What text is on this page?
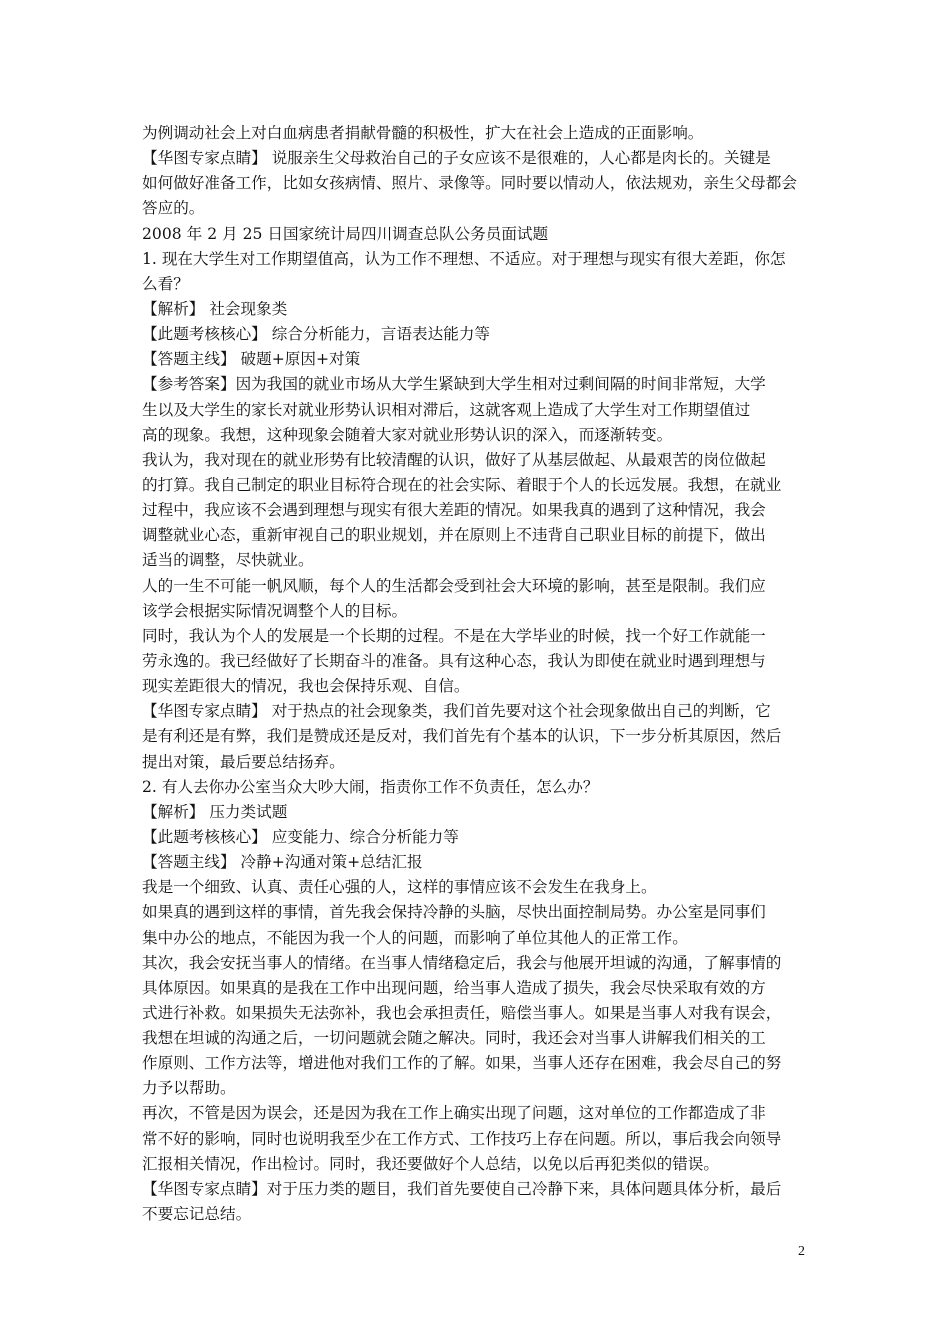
为例调动社会上对白血病患者捐献骨髓的积极性，扩大在社会上造成的正面影响。
【华图专家点睛】 说服亲生父母救治自己的子女应该不是很难的，人心都是肉长的。关键是
如何做好准备工作，比如女孩病情、照片、录像等。同时要以情动人，依法规劝，亲生父母都会
答应的。
2008 年 2 月 25 日国家统计局四川调查总队公务员面试题
1. 现在大学生对工作期望值高，认为工作不理想、不适应。对于理想与现实有很大差距，你怎
么看？
【解析】 社会现象类
【此题考核核心】 综合分析能力，言语表达能力等
【答题主线】 破题+原因+对策
【参考答案】因为我国的就业市场从大学生紧缺到大学生相对过剩间隔的时间非常短，大学
生以及大学生的家长对就业形势认识相对滞后，这就客观上造成了大学生对工作期望值过
高的现象。我想，这种现象会随着大家对就业形势认识的深入，而逐渐转变。
我认为，我对现在的就业形势有比较清醒的认识，做好了从基层做起、从最艰苦的岗位做起
的打算。我自己制定的职业目标符合现在的社会实际、着眼于个人的长远发展。我想，在就业
过程中，我应该不会遇到理想与现实有很大差距的情况。如果我真的遇到了这种情况，我会
调整就业心态，重新审视自己的职业规划，并在原则上不违背自己职业目标的前提下，做出
适当的调整，尽快就业。
人的一生不可能一帆风顺，每个人的生活都会受到社会大环境的影响，甚至是限制。我们应
该学会根据实际情况调整个人的目标。
同时，我认为个人的发展是一个长期的过程。不是在大学毕业的时候，找一个好工作就能一
劳永逸的。我已经做好了长期奋斗的准备。具有这种心态，我认为即使在就业时遇到理想与
现实差距很大的情况，我也会保持乐观、自信。
【华图专家点睛】 对于热点的社会现象类，我们首先要对这个社会现象做出自己的判断，它
是有利还是有弊，我们是赞成还是反对，我们首先有个基本的认识，下一步分析其原因，然后
提出对策，最后要总结扬弃。
2. 有人去你办公室当众大吵大闹，指责你工作不负责任，怎么办？
【解析】 压力类试题
【此题考核核心】 应变能力、综合分析能力等
【答题主线】 冷静+沟通对策+总结汇报
我是一个细致、认真、责任心强的人，这样的事情应该不会发生在我身上。
如果真的遇到这样的事情，首先我会保持冷静的头脑，尽快出面控制局势。办公室是同事们
集中办公的地点，不能因为我一个人的问题，而影响了单位其他人的正常工作。
其次，我会安抚当事人的情绪。在当事人情绪稳定后，我会与他展开坦诚的沟通，了解事情的
具体原因。如果真的是我在工作中出现问题，给当事人造成了损失，我会尽快采取有效的方
式进行补救。如果损失无法弥补，我也会承担责任，赔偿当事人。如果是当事人对我有误会，
我想在坦诚的沟通之后，一切问题就会随之解决。同时，我还会对当事人讲解我们相关的工
作原则、工作方法等，增进他对我们工作的了解。如果，当事人还存在困难，我会尽自己的努
力予以帮助。
再次，不管是因为误会，还是因为我在工作上确实出现了问题，这对单位的工作都造成了非
常不好的影响，同时也说明我至少在工作方式、工作技巧上存在问题。所以，事后我会向领导
汇报相关情况，作出检讨。同时，我还要做好个人总结，以免以后再犯类似的错误。
【华图专家点睛】对于压力类的题目，我们首先要使自己冷静下来，具体问题具体分析，最后
不要忘记总结。
2
